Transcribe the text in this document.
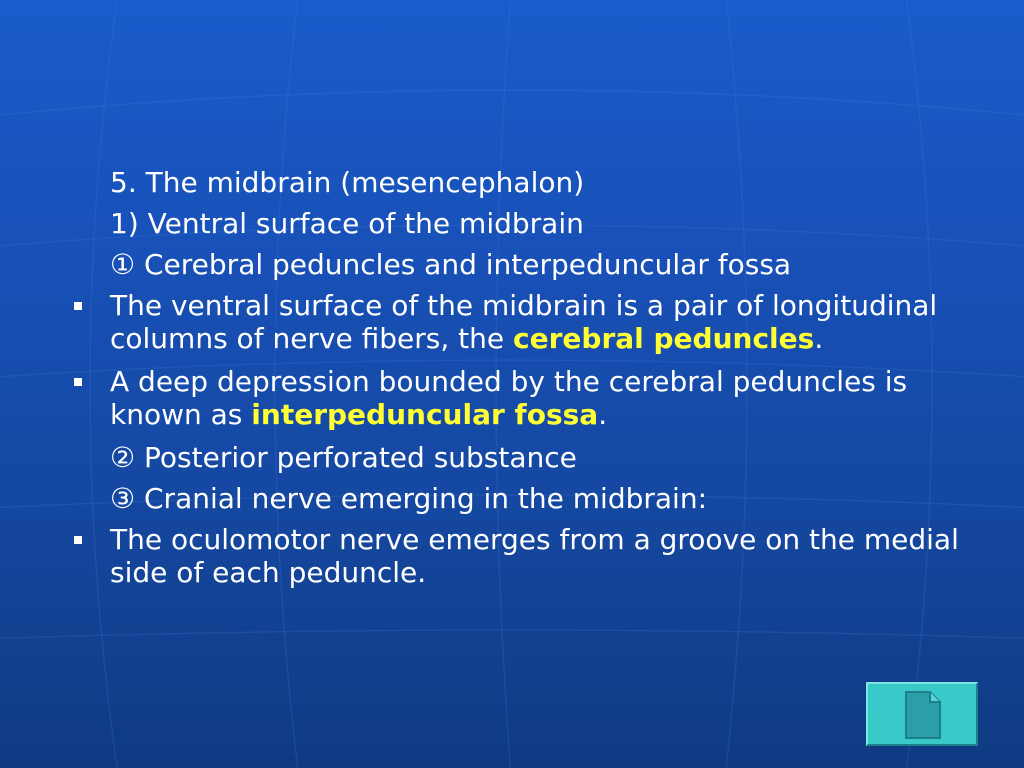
5. The midbrain (mesencephalon)

1) Ventral surface of the midbrain

① Cerebral peduncles and interpeduncular fossa

The ventral surface of the midbrain is a pair of longitudinal columns of nerve fibers, the cerebral peduncles.

A deep depression bounded by the cerebral peduncles is known as interpeduncular fossa.

② Posterior perforated substance

③ Cranial nerve emerging in the midbrain:

The oculomotor nerve emerges from a groove on the medial side of each peduncle.
